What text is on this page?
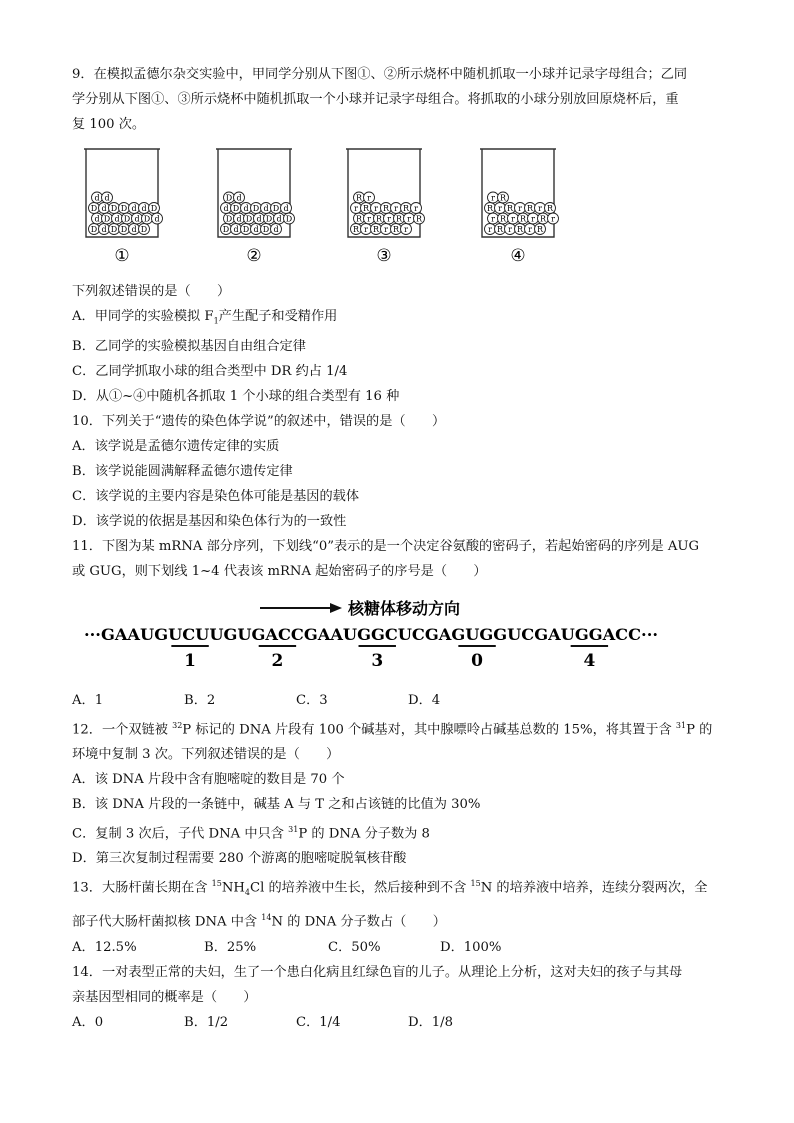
9．在模拟孟德尔杂交实验中，甲同学分别从下图①、②所示烧杯中随机抓取一小球并记录字母组合；乙同
学分别从下图①、③所示烧杯中随机抓取一个小球并记录字母组合。将抓取的小球分别放回原烧杯后，重
复 100 次。
D d D D d D
d D d D d D d
D d D D d d D
d d
①
D d D d D d
D d D d D d D
d D d D d D d
D d
②
R r R r R r
R r R r R r R
r R r R r R r
R r
③
r R r R r R
r R r R r R r
R r R r R r R
r R
④
下列叙述错误的是（　　）
A．甲同学的实验模拟 $F_1$产生配子和受精作用
B．乙同学的实验模拟基因自由组合定律
C．乙同学抓取小球的组合类型中 DR 约占 1/4
D．从①~④中随机各抓取 1 个小球的组合类型有 16 种
10．下列关于“遗传的染色体学说”的叙述中，错误的是（　　）
A．该学说是孟德尔遗传定律的实质
B．该学说能圆满解释孟德尔遗传定律
C．该学说的主要内容是染色体可能是基因的载体
D．该学说的依据是基因和染色体行为的一致性
11．下图为某 mRNA 部分序列，下划线“0”表示的是一个决定谷氨酸的密码子，若起始密码的序列是 AUG
或 GUG，则下划线 1~4 代表该 mRNA 起始密码子的序号是（　　）
核糖体移动方向
···GAAUGUCUUGUGACCGAAUGGCUCGAGUGGUCGAUGGACC···
1	2	3	0	4
A．1	B．2	C．3	D．4
12．一个双链被 $^{32}$P 标记的 DNA 片段有 100 个碱基对，其中腺嘌呤占碱基总数的 15%，将其置于含 $^{31}$P 的
环境中复制 3 次。下列叙述错误的是（　　）
A．该 DNA 片段中含有胞嘧啶的数目是 70 个
B．该 DNA 片段的一条链中，碱基 A 与 T 之和占该链的比值为 30%
C．复制 3 次后，子代 DNA 中只含 $^{31}$P 的 DNA 分子数为 8
D．第三次复制过程需要 280 个游离的胞嘧啶脱氧核苷酸
13．大肠杆菌长期在含 $^{15}NH_4Cl$ 的培养液中生长，然后接种到不含 $^{15}$N 的培养液中培养，连续分裂两次，全
部子代大肠杆菌拟核 DNA 中含 $^{14}$N 的 DNA 分子数占（　　）
A．12.5%	B．25%	C．50%	D．100%
14．一对表型正常的夫妇，生了一个患白化病且红绿色盲的儿子。从理论上分析，这对夫妇的孩子与其母
亲基因型相同的概率是（　　）
A．0	B．1/2	C．1/4	D．1/8
